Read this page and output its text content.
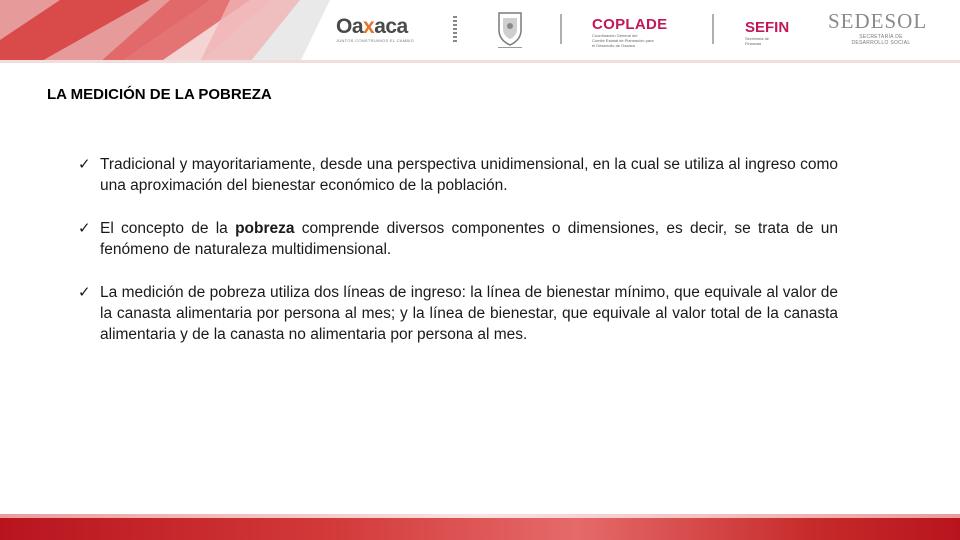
Oaxaca
JUNTOS CONSTRUIMOS EL CAMBIO
COPLADE
Coordinación General del
Comité Estatal de Planeación para
el Desarrollo de Oaxaca
SEFIN
Secretaría de
Finanzas
SEDESOL
SECRETARÍA DE
DESARROLLO SOCIAL
LA MEDICIÓN DE LA POBREZA
✓ Tradicional y mayoritariamente, desde una perspectiva unidimensional, en la cual se utiliza al ingreso como una aproximación del bienestar económico de la población.
✓ El concepto de la pobreza comprende diversos componentes o dimensiones, es decir, se trata de un fenómeno de naturaleza multidimensional.
✓ La medición de pobreza utiliza dos líneas de ingreso: la línea de bienestar mínimo, que equivale al valor de la canasta alimentaria por persona al mes; y la línea de bienestar, que equivale al valor total de la canasta alimentaria y de la canasta no alimentaria por persona al mes.
